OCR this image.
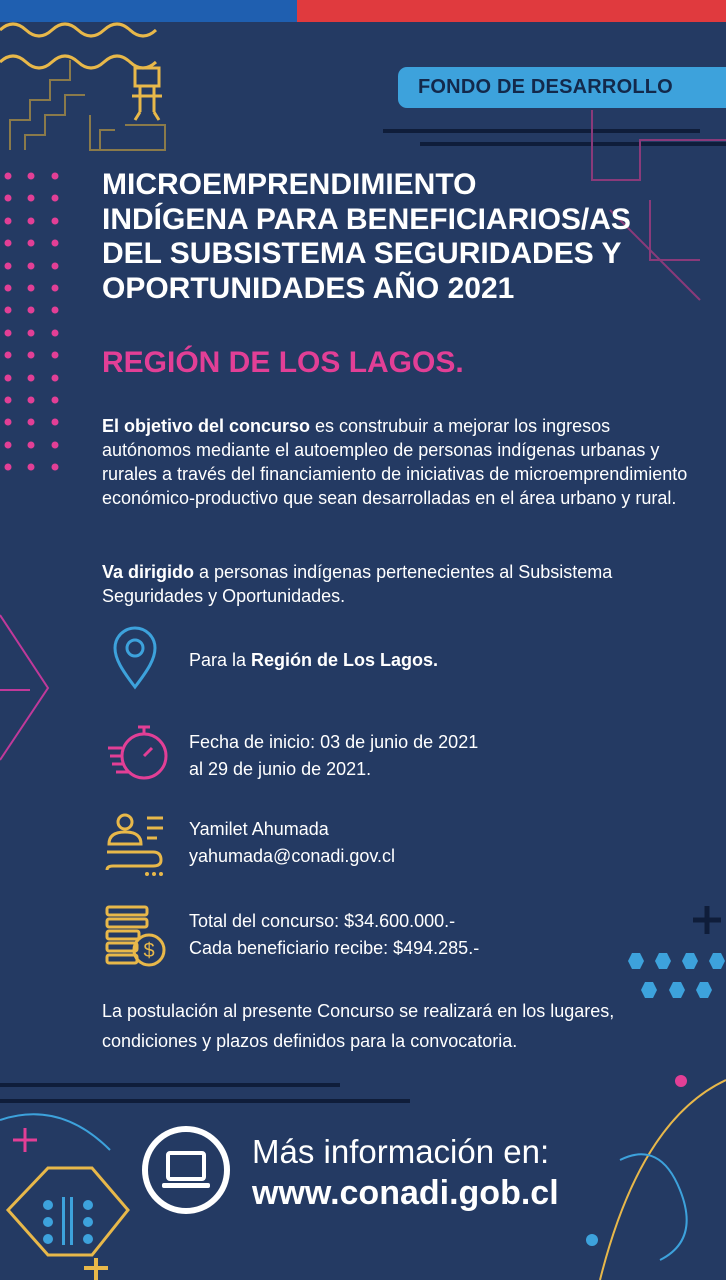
FONDO DE DESARROLLO
MICROEMPRENDIMIENTO
INDÍGENA PARA BENEFICIARIOS/AS
DEL SUBSISTEMA SEGURIDADES Y
OPORTUNIDADES AÑO 2021
REGIÓN DE LOS LAGOS.

El objetivo del concurso es construbuir a mejorar los ingresos autónomos mediante el autoempleo de personas indígenas urbanas y rurales a través del financiamiento de iniciativas de microemprendimiento económico-productivo que sean desarrolladas en el área urbano y rural.

Va dirigido a personas indígenas pertenecientes al Subsistema Seguridades y Oportunidades.

Para la Región de Los Lagos.
Fecha de inicio: 03 de junio de 2021
al 29 de junio de 2021.
Yamilet Ahumada
yahumada@conadi.gov.cl
$
Total del concurso: $34.600.000.-
Cada beneficiario recibe: $494.285.-

La postulación al presente Concurso se realizará en los lugares, condiciones y plazos definidos para la convocatoria.

Más información en:
www.conadi.gob.cl
